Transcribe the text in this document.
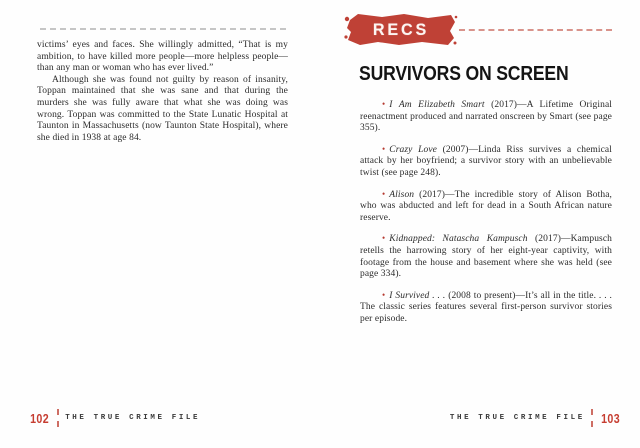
victims’ eyes and faces. She willingly admitted, “That is my ambition, to have killed more people—more helpless people—than any man or woman who has ever lived.”

Although she was found not guilty by reason of insanity, Toppan maintained that she was sane and that during the murders she was fully aware that what she was doing was wrong. Toppan was committed to the State Lunatic Hospital at Taunton in Massachusetts (now Taunton State Hospital), where she died in 1938 at age 84.

102 THE TRUE CRIME FILE
RECS
SURVIVORS ON SCREEN

• I Am Elizabeth Smart (2017)—A Lifetime Original reenactment produced and narrated onscreen by Smart (see page 355).

• Crazy Love (2007)—Linda Riss survives a chemical attack by her boyfriend; a survivor story with an unbelievable twist (see page 248).

• Alison (2017)—The incredible story of Alison Botha, who was abducted and left for dead in a South African nature reserve.

• Kidnapped: Natascha Kampusch (2017)—Kampusch retells the harrowing story of her eight-year captivity, with footage from the house and basement where she was held (see page 334).

• I Survived . . . (2008 to present)—It’s all in the title. . . . The classic series features several first-person survivor stories per episode.

THE TRUE CRIME FILE 103
